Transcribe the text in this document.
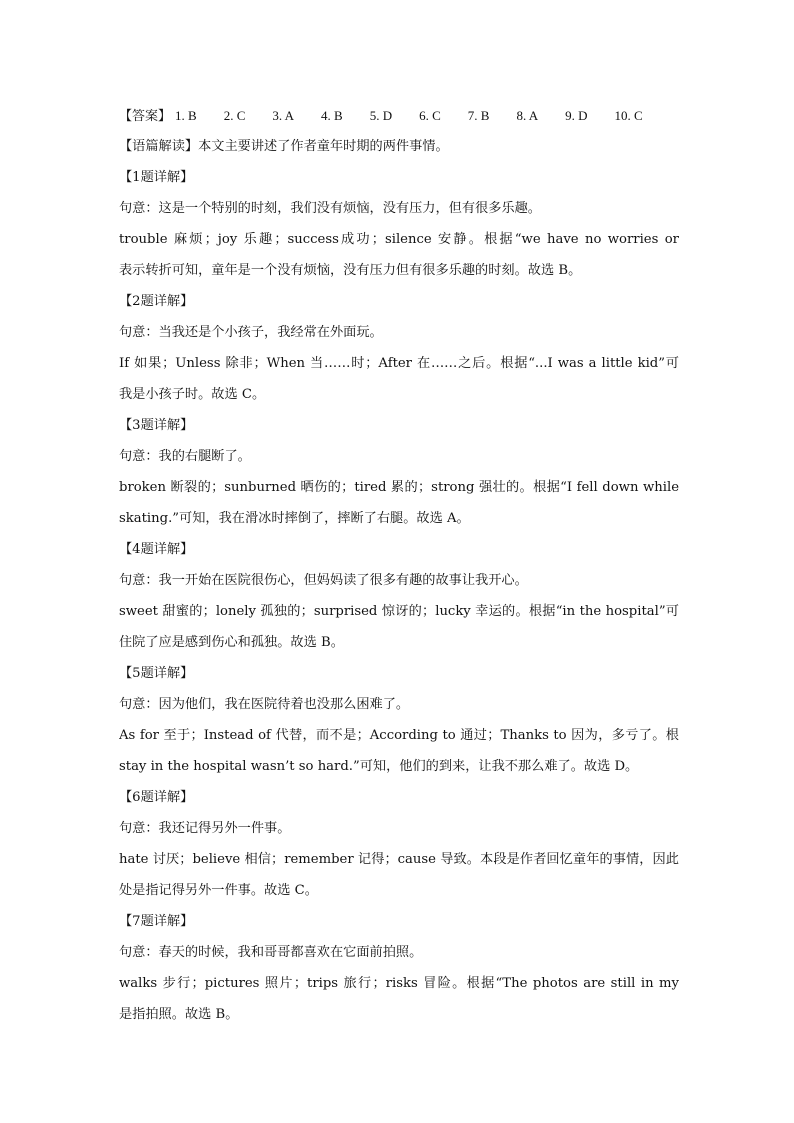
【答案】 1. B 2. C 3. A 4. B 5. D 6. C 7. B 8. A 9. D 10. C
【语篇解读】本文主要讲述了作者童年时期的两件事情。
【1题详解】
句意：这是一个特别的时刻，我们没有烦恼，没有压力，但有很多乐趣。
trouble 麻烦；joy 乐趣；success成功；silence 安静。根据“we have no worries or
表示转折可知，童年是一个没有烦恼，没有压力但有很多乐趣的时刻。故选 B。
【2题详解】
句意：当我还是个小孩子，我经常在外面玩。
If 如果；Unless 除非；When 当……时；After 在……之后。根据“...I was a little kid”可
我是小孩子时。故选 C。
【3题详解】
句意：我的右腿断了。
broken 断裂的；sunburned 晒伤的；tired 累的；strong 强壮的。根据“I fell down while
skating.”可知，我在滑冰时摔倒了，摔断了右腿。故选 A。
【4题详解】
句意：我一开始在医院很伤心，但妈妈读了很多有趣的故事让我开心。
sweet 甜蜜的；lonely 孤独的；surprised 惊讶的；lucky 幸运的。根据“in the hospital”可
住院了应是感到伤心和孤独。故选 B。
【5题详解】
句意：因为他们，我在医院待着也没那么困难了。
As for 至于；Instead of 代替，而不是；According to 通过；Thanks to 因为，多亏了。根
stay in the hospital wasn’t so hard.”可知，他们的到来，让我不那么难了。故选 D。
【6题详解】
句意：我还记得另外一件事。
hate 讨厌；believe 相信；remember 记得；cause 导致。本段是作者回忆童年的事情，因此
处是指记得另外一件事。故选 C。
【7题详解】
句意：春天的时候，我和哥哥都喜欢在它面前拍照。
walks 步行；pictures 照片；trips 旅行；risks 冒险。根据“The photos are still in my
是指拍照。故选 B。
